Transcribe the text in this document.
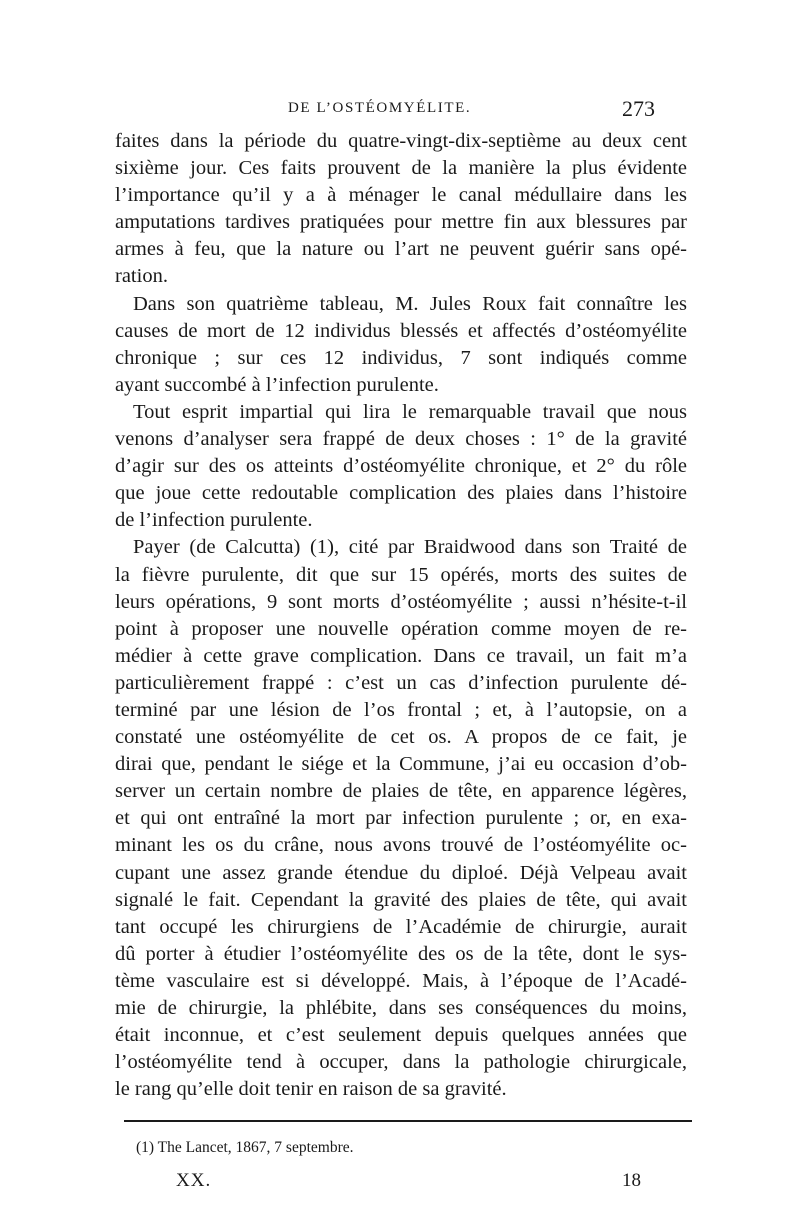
DE L’OSTÉOMYÉLITE.	273
faites dans la période du quatre-vingt-dix-septième au deux cent
sixième jour. Ces faits prouvent de la manière la plus évidente
l’importance qu’il y a à ménager le canal médullaire dans les
amputations tardives pratiquées pour mettre fin aux blessures par
armes à feu, que la nature ou l’art ne peuvent guérir sans opé-
ration.
Dans son quatrième tableau, M. Jules Roux fait connaître les
causes de mort de 12 individus blessés et affectés d’ostéomyélite
chronique ; sur ces 12 individus, 7 sont indiqués comme
ayant succombé à l’infection purulente.
Tout esprit impartial qui lira le remarquable travail que nous
venons d’analyser sera frappé de deux choses : 1° de la gravité
d’agir sur des os atteints d’ostéomyélite chronique, et 2° du rôle
que joue cette redoutable complication des plaies dans l’histoire
de l’infection purulente.
Payer (de Calcutta) (1), cité par Braidwood dans son Traité de
la fièvre purulente, dit que sur 15 opérés, morts des suites de
leurs opérations, 9 sont morts d’ostéomyélite ; aussi n’hésite-t-il
point à proposer une nouvelle opération comme moyen de re-
médier à cette grave complication. Dans ce travail, un fait m’a
particulièrement frappé : c’est un cas d’infection purulente dé-
terminé par une lésion de l’os frontal ; et, à l’autopsie, on a
constaté une ostéomyélite de cet os. A propos de ce fait, je
dirai que, pendant le siége et la Commune, j’ai eu occasion d’ob-
server un certain nombre de plaies de tête, en apparence légères,
et qui ont entraîné la mort par infection purulente ; or, en exa-
minant les os du crâne, nous avons trouvé de l’ostéomyélite oc-
cupant une assez grande étendue du diploé. Déjà Velpeau avait
signalé le fait. Cependant la gravité des plaies de tête, qui avait
tant occupé les chirurgiens de l’Académie de chirurgie, aurait
dû porter à étudier l’ostéomyélite des os de la tête, dont le sys-
tème vasculaire est si développé. Mais, à l’époque de l’Acadé-
mie de chirurgie, la phlébite, dans ses conséquences du moins,
était inconnue, et c’est seulement depuis quelques années que
l’ostéomyélite tend à occuper, dans la pathologie chirurgicale,
le rang qu’elle doit tenir en raison de sa gravité.
(1) The Lancet, 1867, 7 septembre.
XX.	18
